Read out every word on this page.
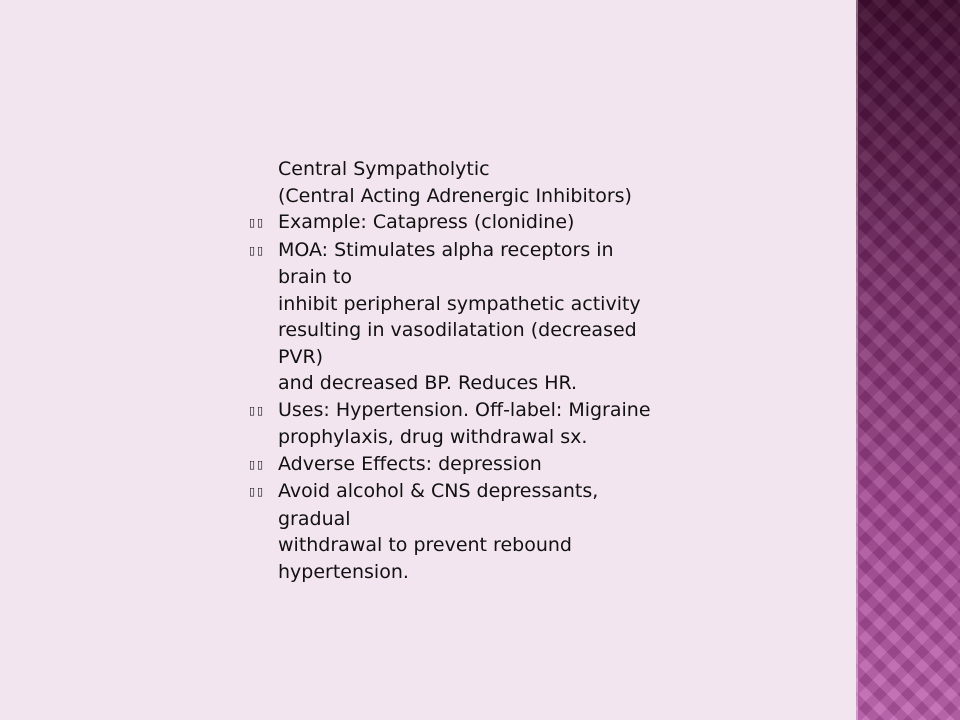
Central Sympatholytic
(Central Acting Adrenergic Inhibitors)
▯▯ Example: Catapress (clonidine)
▯▯ MOA: Stimulates alpha receptors in
brain to
inhibit peripheral sympathetic activity
resulting in vasodilatation (decreased
PVR)
and decreased BP. Reduces HR.
▯▯ Uses: Hypertension. Off-label: Migraine
prophylaxis, drug withdrawal sx.
▯▯ Adverse Effects: depression
▯▯ Avoid alcohol & CNS depressants,
gradual
withdrawal to prevent rebound
hypertension.
